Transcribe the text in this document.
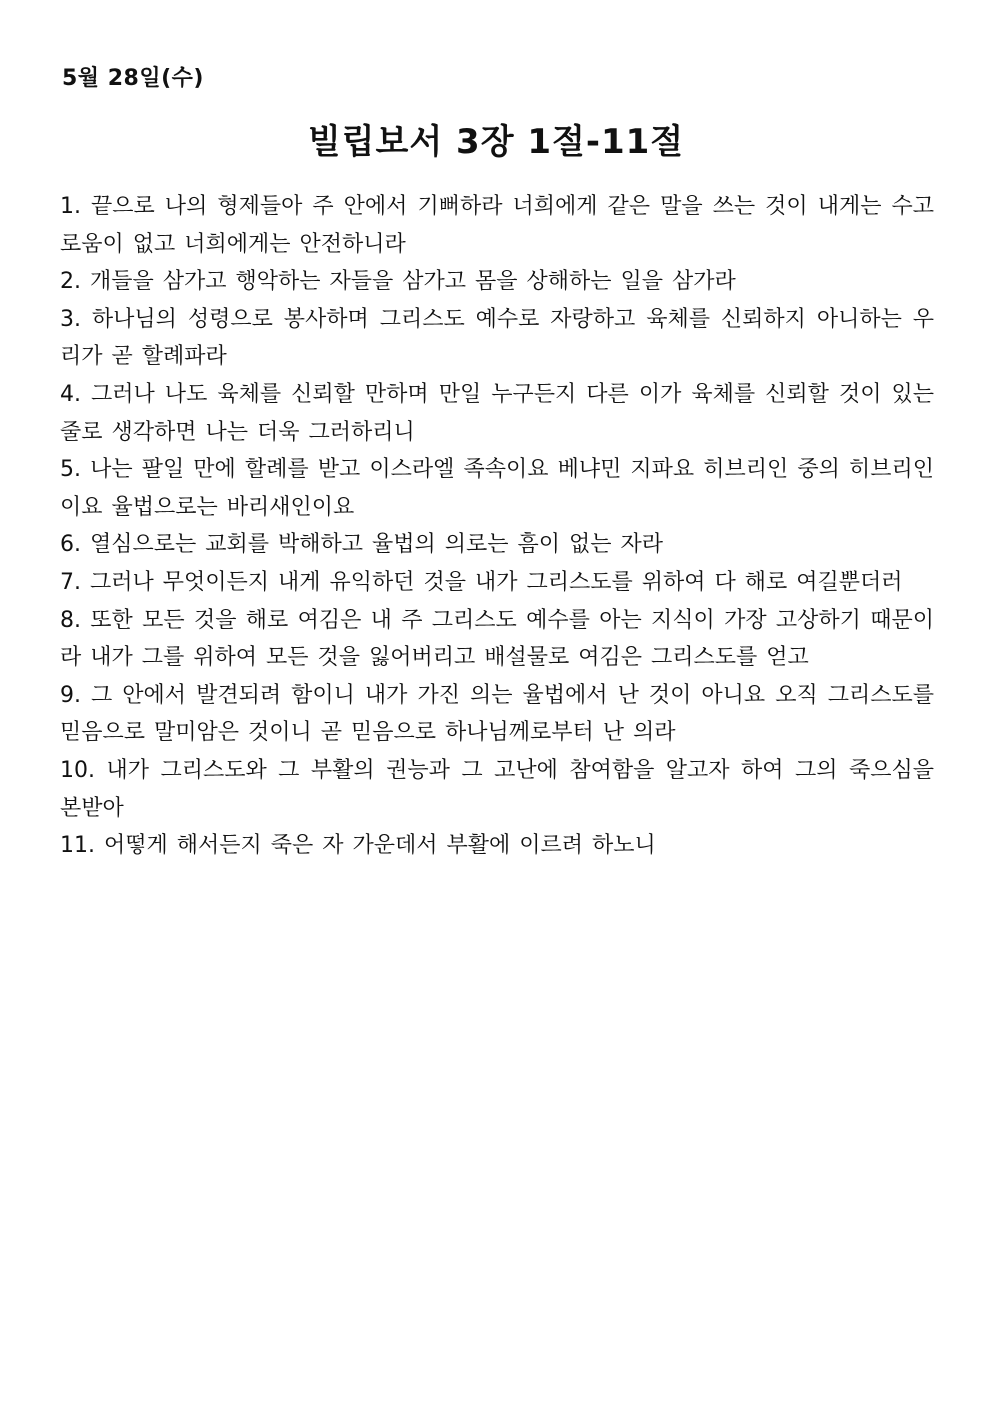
5월 28일(수)
빌립보서 3장 1절-11절
1. 끝으로 나의 형제들아 주 안에서 기뻐하라 너희에게 같은 말을 쓰는 것이 내게는 수고로움이 없고 너희에게는 안전하니라
2. 개들을 삼가고 행악하는 자들을 삼가고 몸을 상해하는 일을 삼가라
3. 하나님의 성령으로 봉사하며 그리스도 예수로 자랑하고 육체를 신뢰하지 아니하는 우리가 곧 할례파라
4. 그러나 나도 육체를 신뢰할 만하며 만일 누구든지 다른 이가 육체를 신뢰할 것이 있는 줄로 생각하면 나는 더욱 그러하리니
5. 나는 팔일 만에 할례를 받고 이스라엘 족속이요 베냐민 지파요 히브리인 중의 히브리인이요 율법으로는 바리새인이요
6. 열심으로는 교회를 박해하고 율법의 의로는 흠이 없는 자라
7. 그러나 무엇이든지 내게 유익하던 것을 내가 그리스도를 위하여 다 해로 여길뿐더러
8. 또한 모든 것을 해로 여김은 내 주 그리스도 예수를 아는 지식이 가장 고상하기 때문이라 내가 그를 위하여 모든 것을 잃어버리고 배설물로 여김은 그리스도를 얻고
9. 그 안에서 발견되려 함이니 내가 가진 의는 율법에서 난 것이 아니요 오직 그리스도를 믿음으로 말미암은 것이니 곧 믿음으로 하나님께로부터 난 의라
10. 내가 그리스도와 그 부활의 권능과 그 고난에 참여함을 알고자 하여 그의 죽으심을 본받아
11. 어떻게 해서든지 죽은 자 가운데서 부활에 이르려 하노니
